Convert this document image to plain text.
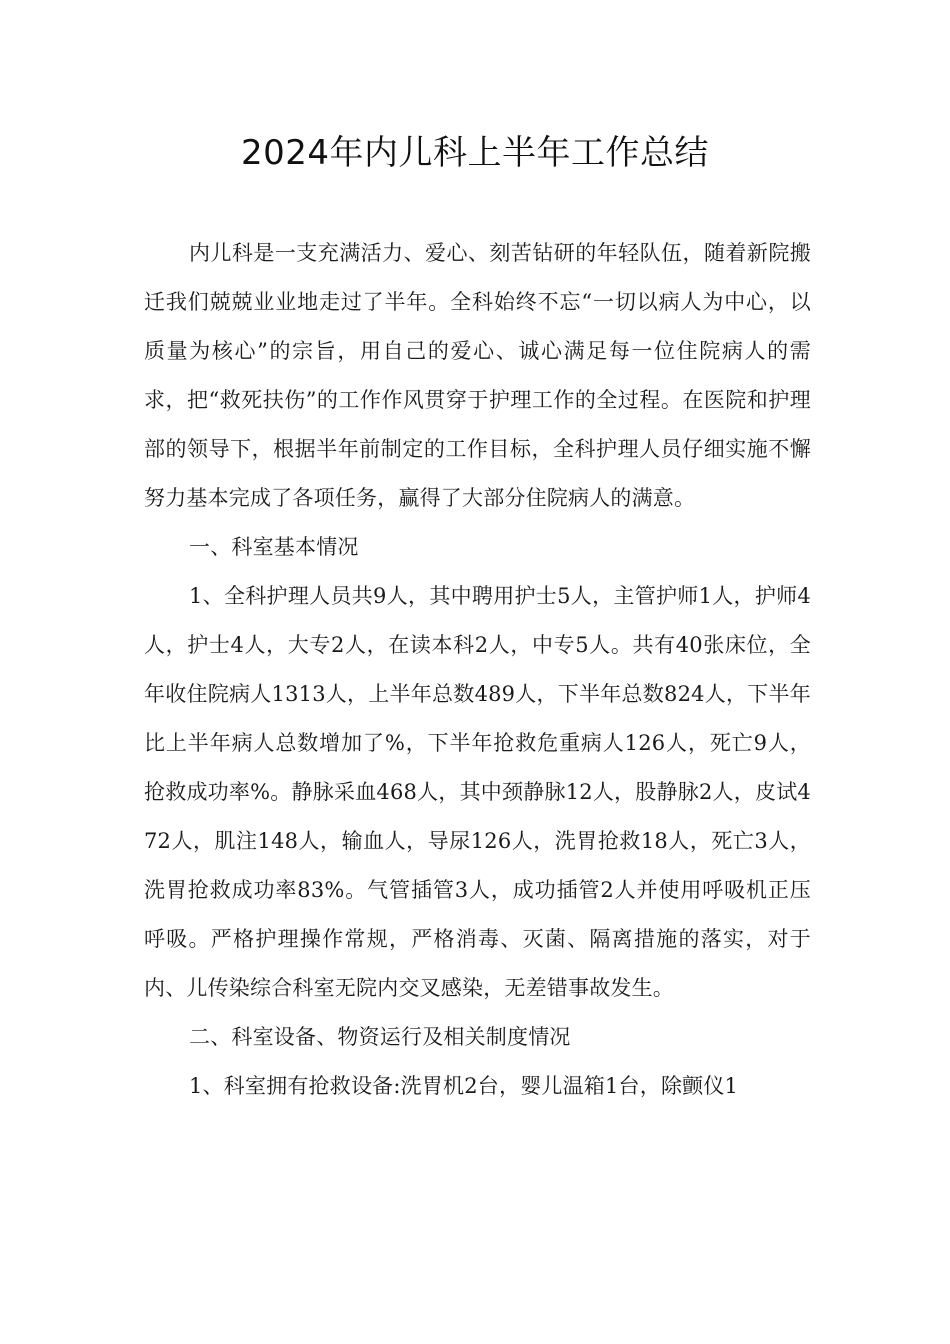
2024年内儿科上半年工作总结

内儿科是一支充满活力、爱心、刻苦钻研的年轻队伍，随着新院搬迁我们兢兢业业地走过了半年。全科始终不忘“一切以病人为中心，以质量为核心”的宗旨，用自己的爱心、诚心满足每一位住院病人的需求，把“救死扶伤”的工作作风贯穿于护理工作的全过程。在医院和护理部的领导下，根据半年前制定的工作目标，全科护理人员仔细实施不懈努力基本完成了各项任务，赢得了大部分住院病人的满意。

一、科室基本情况

1、全科护理人员共9人，其中聘用护士5人，主管护师1人，护师4人，护士4人，大专2人，在读本科2人，中专5人。共有40张床位，全年收住院病人1313人，上半年总数489人，下半年总数824人，下半年比上半年病人总数增加了%，下半年抢救危重病人126人，死亡9人，抢救成功率%。静脉采血468人，其中颈静脉12人，股静脉2人，皮试472人，肌注148人，输血人，导尿126人，洗胃抢救18人，死亡3人，洗胃抢救成功率83%。气管插管3人，成功插管2人并使用呼吸机正压呼吸。严格护理操作常规，严格消毒、灭菌、隔离措施的落实，对于内、儿传染综合科室无院内交叉感染，无差错事故发生。

二、科室设备、物资运行及相关制度情况

1、科室拥有抢救设备:洗胃机2台，婴儿温箱1台，除颤仪1
